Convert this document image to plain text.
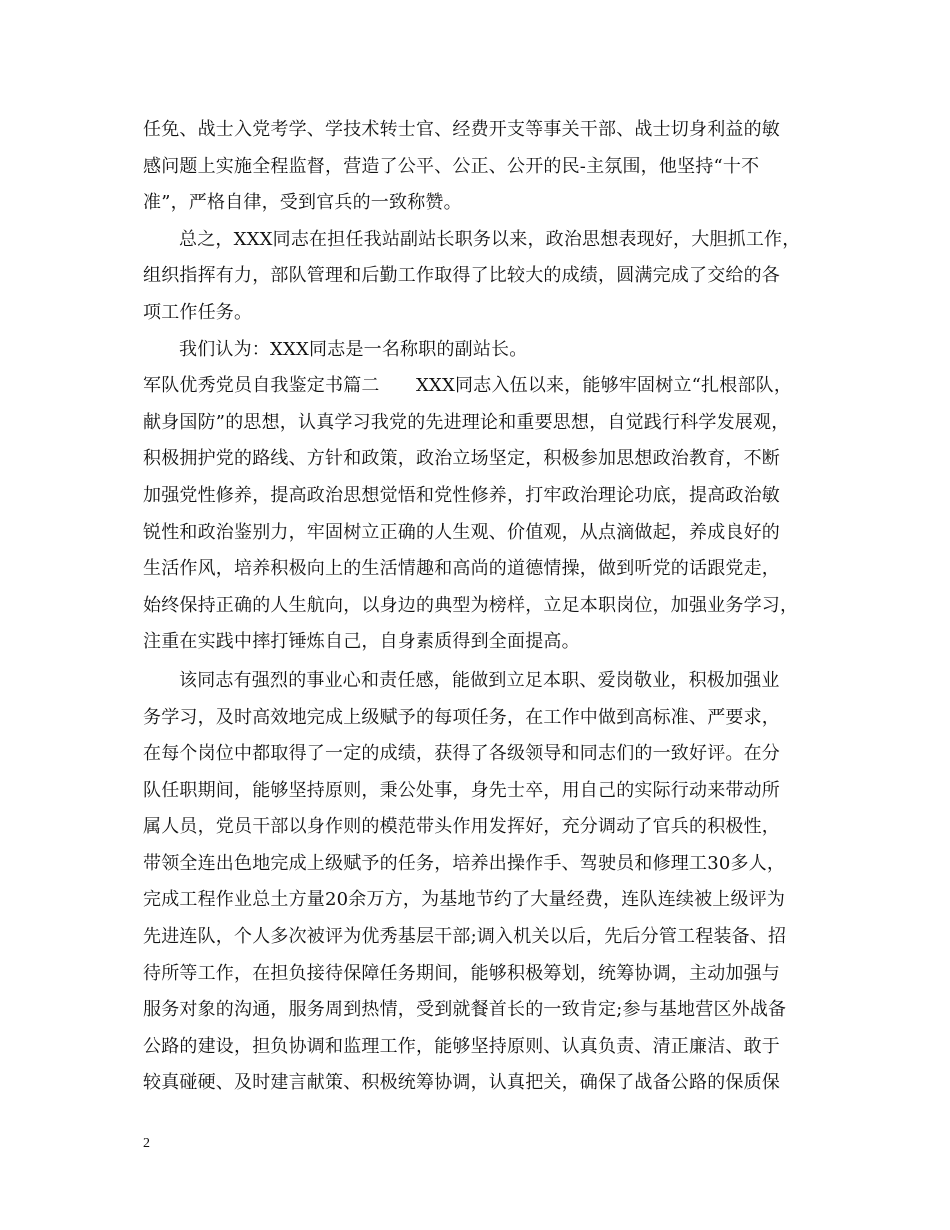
任免、战士入党考学、学技术转士官、经费开支等事关干部、战士切身利益的敏
感问题上实施全程监督，营造了公平、公正、公开的民-主氛围，他坚持“十不
准”，严格自律，受到官兵的一致称赞。
总之，XXX同志在担任我站副站长职务以来，政治思想表现好，大胆抓工作，
组织指挥有力，部队管理和后勤工作取得了比较大的成绩，圆满完成了交给的各
项工作任务。
我们认为：XXX同志是一名称职的副站长。
军队优秀党员自我鉴定书篇二　　XXX同志入伍以来，能够牢固树立“扎根部队，
献身国防”的思想，认真学习我党的先进理论和重要思想，自觉践行科学发展观，
积极拥护党的路线、方针和政策，政治立场坚定，积极参加思想政治教育，不断
加强党性修养，提高政治思想觉悟和党性修养，打牢政治理论功底，提高政治敏
锐性和政治鉴别力，牢固树立正确的人生观、价值观，从点滴做起，养成良好的
生活作风，培养积极向上的生活情趣和高尚的道德情操，做到听党的话跟党走，
始终保持正确的人生航向，以身边的典型为榜样，立足本职岗位，加强业务学习，
注重在实践中摔打锤炼自己，自身素质得到全面提高。
该同志有强烈的事业心和责任感，能做到立足本职、爱岗敬业，积极加强业
务学习，及时高效地完成上级赋予的每项任务，在工作中做到高标准、严要求，
在每个岗位中都取得了一定的成绩，获得了各级领导和同志们的一致好评。在分
队任职期间，能够坚持原则，秉公处事，身先士卒，用自己的实际行动来带动所
属人员，党员干部以身作则的模范带头作用发挥好，充分调动了官兵的积极性，
带领全连出色地完成上级赋予的任务，培养出操作手、驾驶员和修理工30多人，
完成工程作业总土方量20余万方，为基地节约了大量经费，连队连续被上级评为
先进连队，个人多次被评为优秀基层干部;调入机关以后，先后分管工程装备、招
待所等工作，在担负接待保障任务期间，能够积极筹划，统筹协调，主动加强与
服务对象的沟通，服务周到热情，受到就餐首长的一致肯定;参与基地营区外战备
公路的建设，担负协调和监理工作，能够坚持原则、认真负责、清正廉洁、敢于
较真碰硬、及时建言献策、积极统筹协调，认真把关，确保了战备公路的保质保
2
